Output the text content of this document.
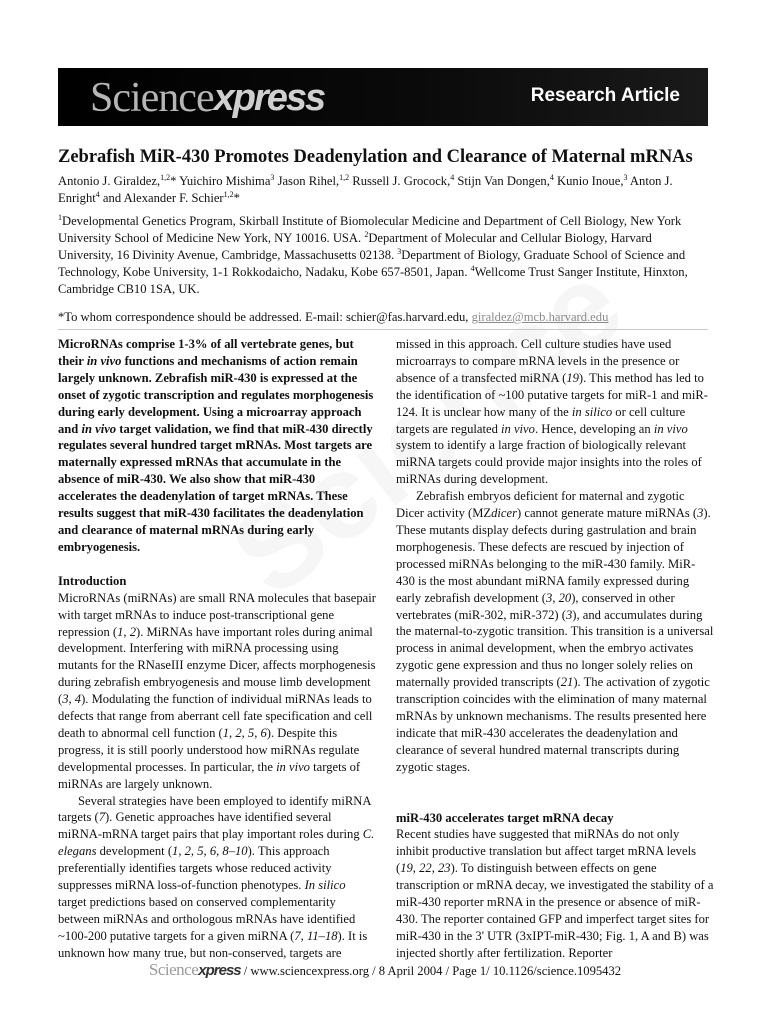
Sciencexpress	Research Article
Zebrafish MiR-430 Promotes Deadenylation and Clearance of Maternal mRNAs
Antonio J. Giraldez,$^{1,2}$* Yuichiro Mishima$^3$ Jason Rihel,$^{1,2}$ Russell J. Grocock,$^4$ Stijn Van Dongen,$^4$ Kunio Inoue,$^3$ Anton J. Enright$^4$ and Alexander F. Schier$^{1,2}$*
$^1$Developmental Genetics Program, Skirball Institute of Biomolecular Medicine and Department of Cell Biology, New York University School of Medicine New York, NY 10016. USA. $^2$Department of Molecular and Cellular Biology, Harvard University, 16 Divinity Avenue, Cambridge, Massachusetts 02138. $^3$Department of Biology, Graduate School of Science and Technology, Kobe University, 1-1 Rokkodaicho, Nadaku, Kobe 657-8501, Japan. $^4$Wellcome Trust Sanger Institute, Hinxton, Cambridge CB10 1SA, UK.
*To whom correspondence should be addressed. E-mail: schier@fas.harvard.edu, giraldez@mcb.harvard.edu

MicroRNAs comprise 1-3% of all vertebrate genes, but their in vivo functions and mechanisms of action remain largely unknown. Zebrafish miR-430 is expressed at the onset of zygotic transcription and regulates morphogenesis during early development. Using a microarray approach and in vivo target validation, we find that miR-430 directly regulates several hundred target mRNAs. Most targets are maternally expressed mRNAs that accumulate in the absence of miR-430. We also show that miR-430 accelerates the deadenylation of target mRNAs. These results suggest that miR-430 facilitates the deadenylation and clearance of maternal mRNAs during early embryogenesis.

Introduction

MicroRNAs (miRNAs) are small RNA molecules that basepair with target mRNAs to induce post-transcriptional gene repression (1, 2). MiRNAs have important roles during animal development. Interfering with miRNA processing using mutants for the RNaseIII enzyme Dicer, affects morphogenesis during zebrafish embryogenesis and mouse limb development (3, 4). Modulating the function of individual miRNAs leads to defects that range from aberrant cell fate specification and cell death to abnormal cell function (1, 2, 5, 6). Despite this progress, it is still poorly understood how miRNAs regulate developmental processes. In particular, the in vivo targets of miRNAs are largely unknown.

Several strategies have been employed to identify miRNA targets (7). Genetic approaches have identified several miRNA-mRNA target pairs that play important roles during C. elegans development (1, 2, 5, 6, 8–10). This approach preferentially identifies targets whose reduced activity suppresses miRNA loss-of-function phenotypes. In silico target predictions based on conserved complementarity between miRNAs and orthologous mRNAs have identified ~100-200 putative targets for a given miRNA (7, 11–18). It is unknown how many true, but non-conserved, targets are

missed in this approach. Cell culture studies have used microarrays to compare mRNA levels in the presence or absence of a transfected miRNA (19). This method has led to the identification of ~100 putative targets for miR-1 and miR-124. It is unclear how many of the in silico or cell culture targets are regulated in vivo. Hence, developing an in vivo system to identify a large fraction of biologically relevant miRNA targets could provide major insights into the roles of miRNAs during development.

Zebrafish embryos deficient for maternal and zygotic Dicer activity (MZdicer) cannot generate mature miRNAs (3). These mutants display defects during gastrulation and brain morphogenesis. These defects are rescued by injection of processed miRNAs belonging to the miR-430 family. MiR-430 is the most abundant miRNA family expressed during early zebrafish development (3, 20), conserved in other vertebrates (miR-302, miR-372) (3), and accumulates during the maternal-to-zygotic transition. This transition is a universal process in animal development, when the embryo activates zygotic gene expression and thus no longer solely relies on maternally provided transcripts (21). The activation of zygotic transcription coincides with the elimination of many maternal mRNAs by unknown mechanisms. The results presented here indicate that miR-430 accelerates the deadenylation and clearance of several hundred maternal transcripts during zygotic stages.

miR-430 accelerates target mRNA decay

Recent studies have suggested that miRNAs do not only inhibit productive translation but affect target mRNA levels (19, 22, 23). To distinguish between effects on gene transcription or mRNA decay, we investigated the stability of a miR-430 reporter mRNA in the presence or absence of miR-430. The reporter contained GFP and imperfect target sites for miR-430 in the 3' UTR (3xIPT-miR-430; Fig. 1, A and B) was injected shortly after fertilization. Reporter

Sciencexpress / www.sciencexpress.org / 8 April 2004 / Page 1/ 10.1126/science.1095432
